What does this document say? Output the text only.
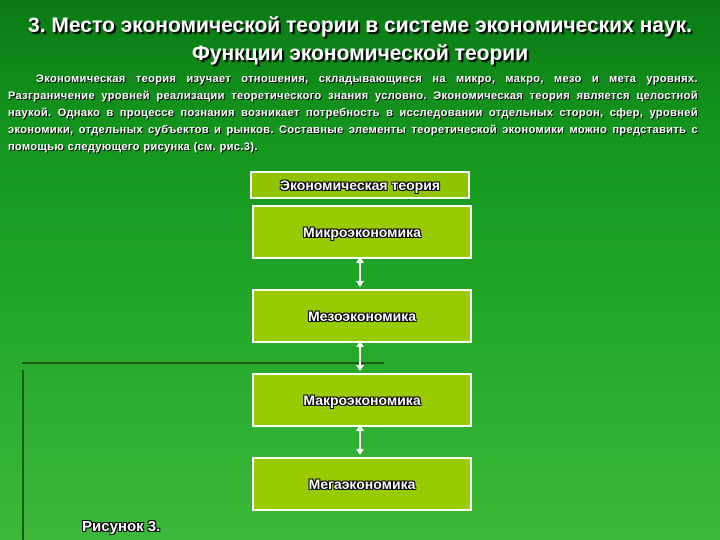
3. Место экономической теории в системе экономических наук. Функции экономической теории
Экономическая теория изучает отношения, складывающиеся на микро, макро, мезо и мета уровнях. Разграничение уровней реализации теоретического знания условно. Экономическая теория является целостной наукой. Однако в процессе познания возникает потребность в исследовании отдельных сторон, сфер, уровней экономики, отдельных субъектов и рынков. Составные элементы теоретической экономики можно представить с помощью следующего рисунка (см. рис.3).
Экономическая теория
Микроэкономика
Мезоэкономика
Макроэкономика
Мегаэкономика
Рисунок 3.
